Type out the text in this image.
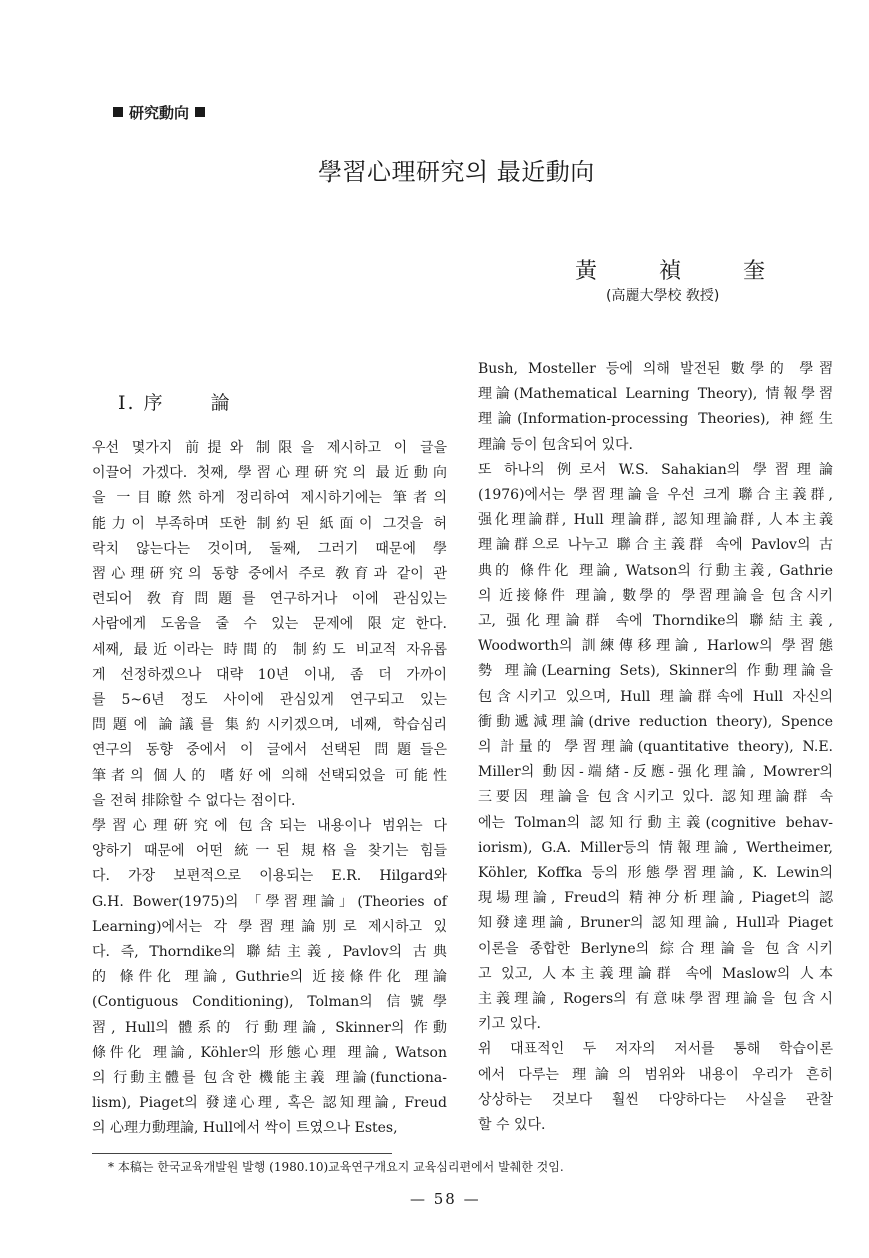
研究動向
學習心理研究의 最近動向
黃	禎	奎
(高麗大學校 敎授)
I. 序 論
우선 몇가지 前提와 制限을 제시하고 이 글을
이끌어 가겠다. 첫째, 學習心理硏究의 最近動向
을 一目瞭然하게 정리하여 제시하기에는 筆者의
能力이 부족하며 또한 制約된 紙面이 그것을 허
락치 않는다는 것이며, 둘째, 그러기 때문에 學
習心理硏究의 동향 중에서 주로 敎育과 같이 관
련되어 敎育問題를 연구하거나 이에 관심있는
사람에게 도움을 줄 수 있는 문제에 限定한다.
세째, 最近이라는 時間的 制約도 비교적 자유롭
게 선정하겠으나 대략 10년 이내, 좀 더 가까이
를 5~6년 정도 사이에 관심있게 연구되고 있는
問題에 論議를 集約시키겠으며, 네째, 학습심리
연구의 동향 중에서 이 글에서 선택된 問題들은
筆者의 個人的 嗜好에 의해 선택되었을 可能性
을 전혀 排除할 수 없다는 점이다.
學習心理硏究에 包含되는 내용이나 범위는 다
양하기 때문에 어떤 統一된 規格을 찾기는 힘들
다. 가장 보편적으로 이용되는 E.R. Hilgard와
G.H. Bower(1975)의 「學習理論」(Theories of
Learning)에서는 각 學習理論別로 제시하고 있
다. 즉, Thorndike의 聯結主義, Pavlov의 古典
的 條件化 理論, Guthrie의 近接條件化 理論
(Contiguous Conditioning), Tolman의 信號學
習, Hull의 體系的 行動理論, Skinner의 作動
條件化 理論, Köhler의 形態心理 理論, Watson
의 行動主體를 包含한 機能主義 理論(functiona-
lism), Piaget의 發達心理, 혹은 認知理論, Freud
의 心理力動理論, Hull에서 싹이 트였으나 Estes,
Bush, Mosteller 등에 의해 발전된 數學的 學習
理論(Mathematical Learning Theory), 情報學習
理論(Information-processing Theories), 神經生
理論 등이 包含되어 있다.
또 하나의 例로서 W.S. Sahakian의 學習理論
(1976)에서는 學習理論을 우선 크게 聯合主義群,
强化理論群, Hull 理論群, 認知理論群, 人本主義
理論群으로 나누고 聯合主義群 속에 Pavlov의 古
典的 條件化 理論, Watson의 行動主義, Gathrie
의 近接條件 理論, 數學的 學習理論을 包含시키
고, 强化理論群 속에 Thorndike의 聯結主義,
Woodworth의 訓練傳移理論, Harlow의 學習態
勢 理論(Learning Sets), Skinner의 作動理論을
包含시키고 있으며, Hull 理論群속에 Hull 자신의
衝動遞減理論(drive reduction theory), Spence
의 計量的 學習理論(quantitative theory), N.E.
Miller의 動因-端緖-反應-强化理論, Mowrer의
三要因 理論을 包含시키고 있다. 認知理論群 속
에는 Tolman의 認知行動主義(cognitive behav-
iorism), G.A. Miller등의 情報理論, Wertheimer,
Köhler, Koffka 등의 形態學習理論, K. Lewin의
現場理論, Freud의 精神分析理論, Piaget의 認
知發達理論, Bruner의 認知理論, Hull과 Piaget
이론을 종합한 Berlyne의 綜合理論을 包含시키
고 있고, 人本主義理論群 속에 Maslow의 人本
主義理論, Rogers의 有意味學習理論을 包含시
키고 있다.
위 대표적인 두 저자의 저서를 통해 학습이론
에서 다루는 理論의 범위와 내용이 우리가 흔히
상상하는 것보다 훨씬 다양하다는 사실을 관찰
할 수 있다.
* 本稿는 한국교육개발원 발행 (1980.10)교육연구개요지 교육심리편에서 발췌한 것임.
— 58 —
